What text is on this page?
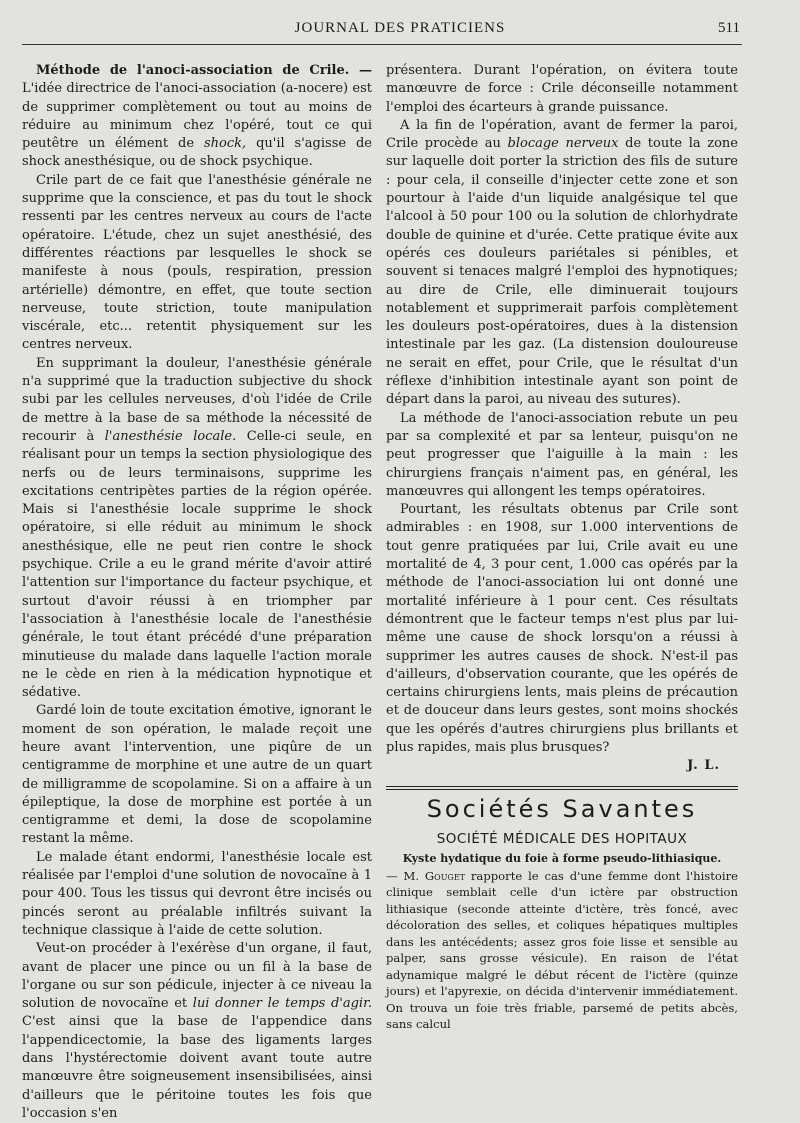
JOURNAL DES PRATICIENS	511

Méthode de l'anoci-association de Crile. — L'idée directrice de l'anoci-association (a-nocere) est de supprimer complètement ou tout au moins de réduire au minimum chez l'opéré, tout ce qui peutêtre un élément de shock, qu'il s'agisse de shock anesthésique, ou de shock psychique.

Crile part de ce fait que l'anesthésie générale ne supprime que la conscience, et pas du tout le shock ressenti par les centres nerveux au cours de l'acte opératoire. L'étude, chez un sujet anesthésié, des différentes réactions par lesquelles le shock se manifeste à nous (pouls, respiration, pression artérielle) démontre, en effet, que toute section nerveuse, toute striction, toute manipulation viscérale, etc... retentit physiquement sur les centres nerveux.

En supprimant la douleur, l'anesthésie générale n'a supprimé que la traduction subjective du shock subi par les cellules nerveuses, d'où l'idée de Crile de mettre à la base de sa méthode la nécessité de recourir à l'anesthésie locale. Celle-ci seule, en réalisant pour un temps la section physiologique des nerfs ou de leurs terminaisons, supprime les excitations centripètes parties de la région opérée. Mais si l'anesthésie locale supprime le shock opératoire, si elle réduit au minimum le shock anesthésique, elle ne peut rien contre le shock psychique. Crile a eu le grand mérite d'avoir attiré l'attention sur l'importance du facteur psychique, et surtout d'avoir réussi à en triompher par l'association à l'anesthésie locale de l'anesthésie générale, le tout étant précédé d'une préparation minutieuse du malade dans laquelle l'action morale ne le cède en rien à la médication hypnotique et sédative.

Gardé loin de toute excitation émotive, ignorant le moment de son opération, le malade reçoit une heure avant l'intervention, une piqûre de un centigramme de morphine et une autre de un quart de milligramme de scopolamine. Si on a affaire à un épileptique, la dose de morphine est portée à un centigramme et demi, la dose de scopolamine restant la même.

Le malade étant endormi, l'anesthésie locale est réalisée par l'emploi d'une solution de novocaïne à 1 pour 400. Tous les tissus qui devront être incisés ou pincés seront au préalable infiltrés suivant la technique classique à l'aide de cette solution.

Veut-on procéder à l'exérèse d'un organe, il faut, avant de placer une pince ou un fil à la base de l'organe ou sur son pédicule, injecter à ce niveau la solution de novocaïne et lui donner le temps d'agir. C'est ainsi que la base de l'appendice dans l'appendicectomie, la base des ligaments larges dans l'hystérectomie doivent avant toute autre manœuvre être soigneusement insensibilisées, ainsi d'ailleurs que le péritoine toutes les fois que l'occasion s'en

présentera. Durant l'opération, on évitera toute manœuvre de force : Crile déconseille notamment l'emploi des écarteurs à grande puissance.

A la fin de l'opération, avant de fermer la paroi, Crile procède au blocage nerveux de toute la zone sur laquelle doit porter la striction des fils de suture : pour cela, il conseille d'injecter cette zone et son pourtour à l'aide d'un liquide analgésique tel que l'alcool à 50 pour 100 ou la solution de chlorhydrate double de quinine et d'urée. Cette pratique évite aux opérés ces douleurs pariétales si pénibles, et souvent si tenaces malgré l'emploi des hypnotiques; au dire de Crile, elle diminuerait toujours notablement et supprimerait parfois complètement les douleurs post-opératoires, dues à la distension intestinale par les gaz. (La distension douloureuse ne serait en effet, pour Crile, que le résultat d'un réflexe d'inhibition intestinale ayant son point de départ dans la paroi, au niveau des sutures).

La méthode de l'anoci-association rebute un peu par sa complexité et par sa lenteur, puisqu'on ne peut progresser que l'aiguille à la main : les chirurgiens français n'aiment pas, en général, les manœuvres qui allongent les temps opératoires.

Pourtant, les résultats obtenus par Crile sont admirables : en 1908, sur 1.000 interventions de tout genre pratiquées par lui, Crile avait eu une mortalité de 4, 3 pour cent, 1.000 cas opérés par la méthode de l'anoci-association lui ont donné une mortalité inférieure à 1 pour cent. Ces résultats démontrent que le facteur temps n'est plus par lui-même une cause de shock lorsqu'on a réussi à supprimer les autres causes de shock. N'est-il pas d'ailleurs, d'observation courante, que les opérés de certains chirurgiens lents, mais pleins de précaution et de douceur dans leurs gestes, sont moins shockés que les opérés d'autres chirurgiens plus brillants et plus rapides, mais plus brusques?

J. L.
Sociétés Savantes
SOCIÉTÉ MÉDICALE DES HOPITAUX

Kyste hydatique du foie à forme pseudo-lithiasique.

— M. Gouget rapporte le cas d'une femme dont l'histoire clinique semblait celle d'un ictère par obstruction lithiasique (seconde atteinte d'ictère, très foncé, avec décoloration des selles, et coliques hépatiques multiples dans les antécédents; assez gros foie lisse et sensible au palper, sans grosse vésicule). En raison de l'état adynamique malgré le début récent de l'ictère (quinze jours) et l'apyrexie, on décida d'intervenir immédiatement. On trouva un foie très friable, parsemé de petits abcès, sans calcul
